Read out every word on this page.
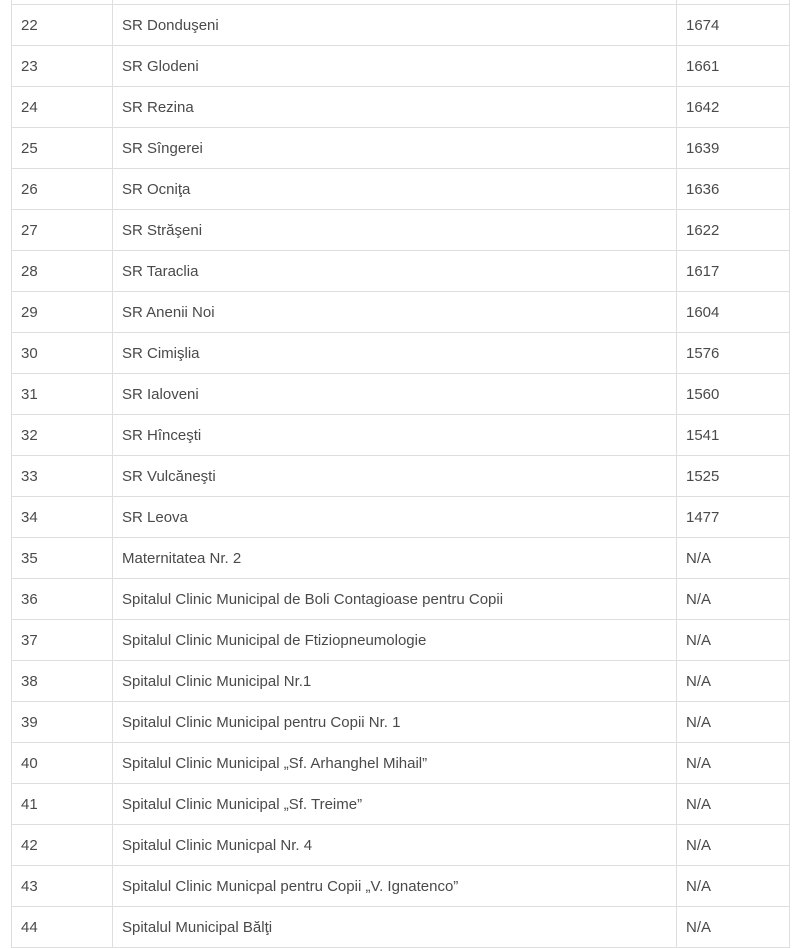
22	SR Donduşeni	1674
23	SR Glodeni	1661
24	SR Rezina	1642
25	SR Sîngerei	1639
26	SR Ocniţa	1636
27	SR Străşeni	1622
28	SR Taraclia	1617
29	SR Anenii Noi	1604
30	SR Cimişlia	1576
31	SR Ialoveni	1560
32	SR Hînceşti	1541
33	SR Vulcăneşti	1525
34	SR Leova	1477
35	Maternitatea Nr. 2	N/A
36	Spitalul Clinic Municipal de Boli Contagioase pentru Copii	N/A
37	Spitalul Clinic Municipal de Ftiziopneumologie	N/A
38	Spitalul Clinic Municipal Nr.1	N/A
39	Spitalul Clinic Municipal pentru Copii Nr. 1	N/A
40	Spitalul Clinic Municipal „Sf. Arhanghel Mihail”	N/A
41	Spitalul Clinic Municipal „Sf. Treime”	N/A
42	Spitalul Clinic Municpal Nr. 4	N/A
43	Spitalul Clinic Municpal pentru Copii „V. Ignatenco”	N/A
44	Spitalul Municipal Bălţi	N/A
